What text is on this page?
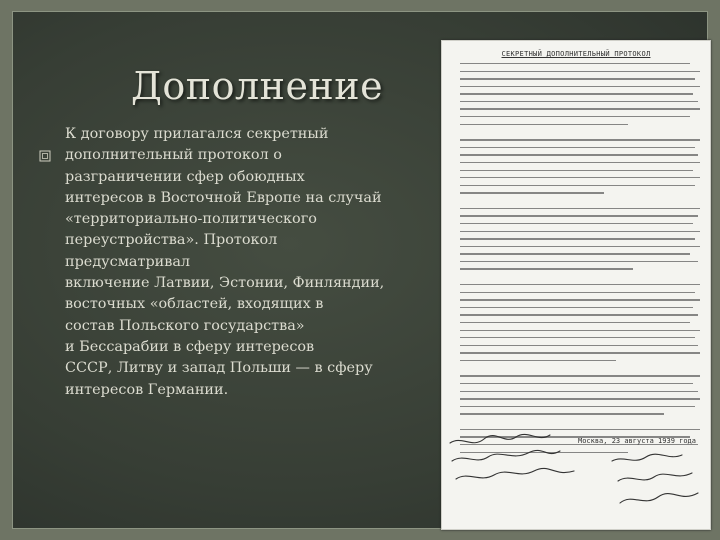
Дополнение
К договору прилагался секретный
дополнительный протокол о
разграничении сфер обоюдных
интересов в Восточной Европе на случай
«территориально-политического
переустройства». Протокол
предусматривал
включение Латвии, Эстонии, Финляндии,
восточных «областей, входящих в
состав Польского государства»
и Бессарабии в сферу интересов
СССР, Литву и запад Польши — в сферу
интересов Германии.
СЕКРЕТНЫЙ ДОПОЛНИТЕЛЬНЫЙ ПРОТОКОЛ
Москва, 23 августа 1939 года
